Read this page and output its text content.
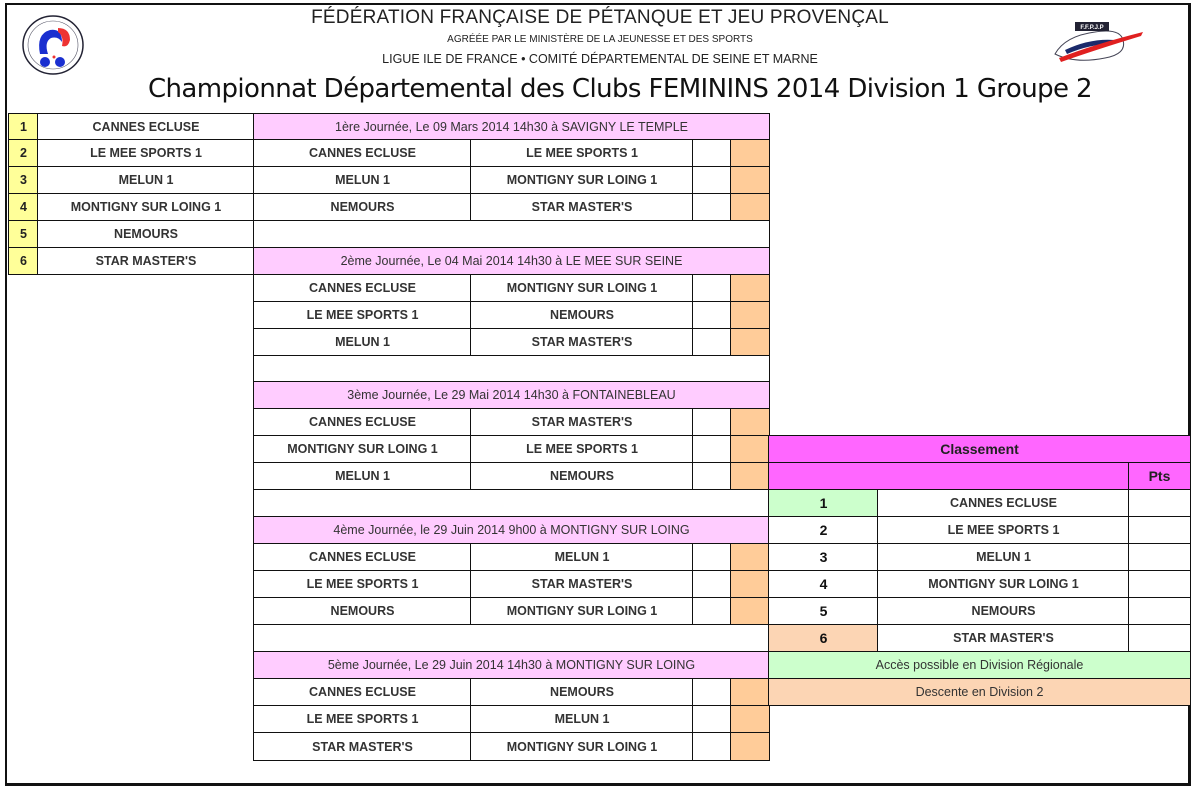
F.F.P.J.P
FÉDÉRATION FRANÇAISE DE PÉTANQUE ET JEU PROVENÇAL
AGRÉÉE PAR LE MINISTÈRE DE LA JEUNESSE ET DES SPORTS
LIGUE ILE DE FRANCE • COMITÉ DÉPARTEMENTAL DE SEINE ET MARNE
Championnat Départemental des Clubs FEMININS 2014 Division 1 Groupe 2
1	CANNES ECLUSE
2	LE MEE SPORTS 1
3	MELUN 1
4	MONTIGNY SUR LOING 1
5	NEMOURS
6	STAR MASTER'S
1ère Journée, Le 09 Mars 2014 14h30 à SAVIGNY LE TEMPLE
CANNES ECLUSE	LE MEE SPORTS 1
MELUN 1	MONTIGNY SUR LOING 1
NEMOURS	STAR MASTER'S
2ème Journée, Le 04 Mai 2014 14h30 à LE MEE SUR SEINE
CANNES ECLUSE	MONTIGNY SUR LOING 1
LE MEE SPORTS 1	NEMOURS
MELUN 1	STAR MASTER'S
3ème Journée, Le 29 Mai 2014 14h30 à FONTAINEBLEAU
CANNES ECLUSE	STAR MASTER'S
MONTIGNY SUR LOING 1	LE MEE SPORTS 1
MELUN 1	NEMOURS
4ème Journée, le 29 Juin 2014 9h00 à MONTIGNY SUR LOING
CANNES ECLUSE	MELUN 1
LE MEE SPORTS 1	STAR MASTER'S
NEMOURS	MONTIGNY SUR LOING 1
5ème Journée, Le 29 Juin 2014 14h30 à MONTIGNY SUR LOING
CANNES ECLUSE	NEMOURS
LE MEE SPORTS 1	MELUN 1
STAR MASTER'S	MONTIGNY SUR LOING 1
Classement
Pts
1	CANNES ECLUSE
2	LE MEE SPORTS 1
3	MELUN 1
4	MONTIGNY SUR LOING 1
5	NEMOURS
6	STAR MASTER'S
Accès possible en Division Régionale
Descente en Division 2
